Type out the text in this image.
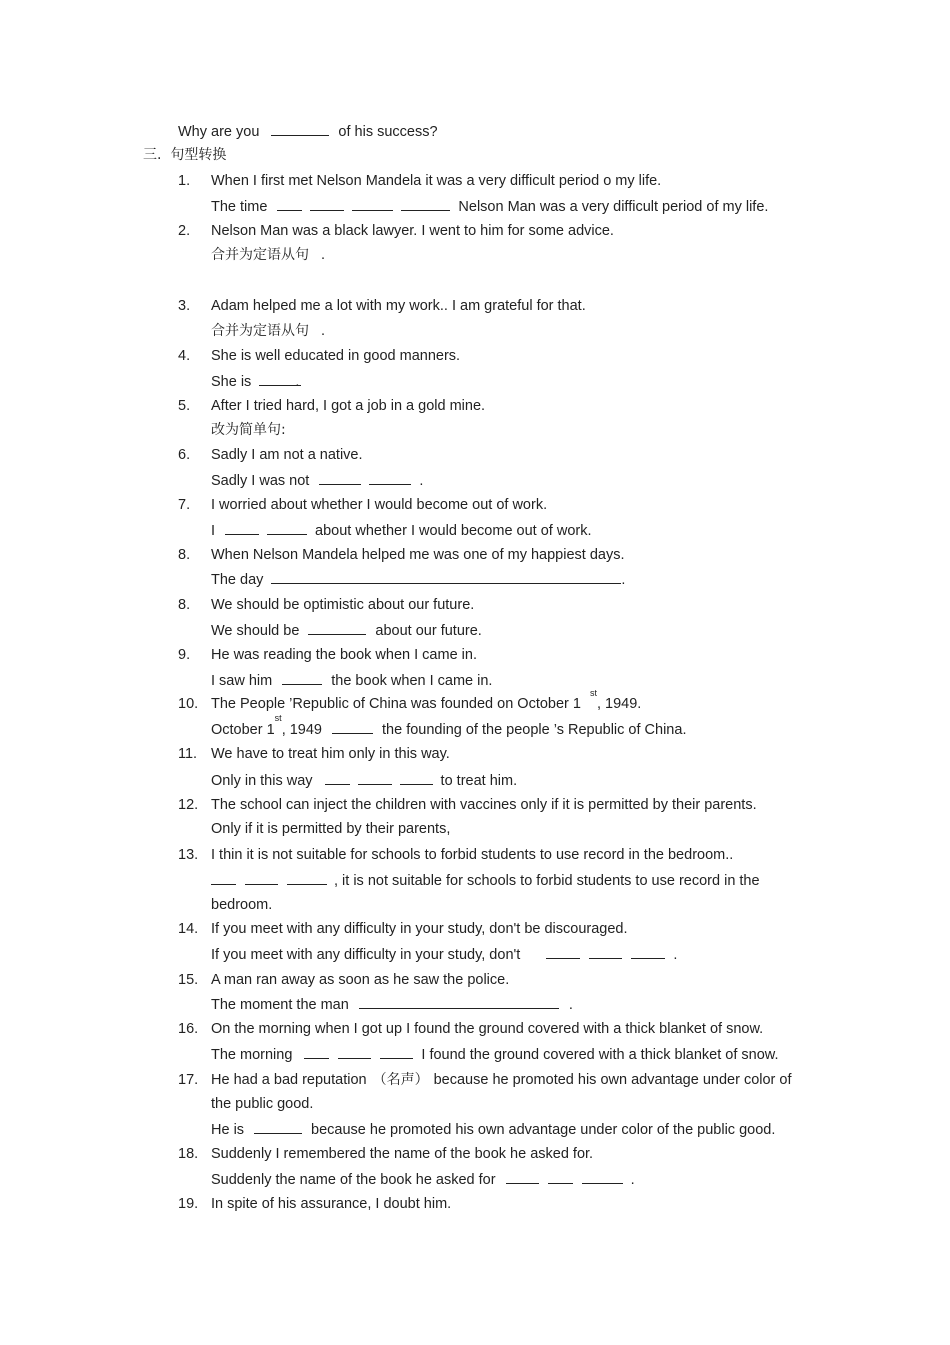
Why are you	of his success?
三. 句型转换
1. When I first met Nelson Mandela it was a very difficult period o my life.
The time	Nelson Man was a very difficult period of my life.
2. Nelson Man was a black lawyer. I went to him for some advice.
合并为定语从句 .
3. Adam helped me a lot with my work.. I am grateful for that.
合并为定语从句 .
4. She is well educated in good manners.
She is	.
5. After I tried hard, I got a job in a gold mine.
改为简单句:
6. Sadly I am not a native.
Sadly I was not	.
7. I worried about whether I would become out of work.
I	about whether I would become out of work.
8. When Nelson Mandela helped me was one of my happiest days.
The day	.
8. We should be optimistic about our future.
We should be	about our future.
9. He was reading the book when I came in.
I saw him	the book when I came in.
10. The People ’Republic of China was founded on October 1st, 1949.
October 1st, 1949	the founding of the people ’s Republic of China.
11. We have to treat him only in this way.
Only in this way	to treat him.
12. The school can inject the children with vaccines only if it is permitted by their parents.
Only if it is permitted by their parents,
13. I thin it is not suitable for schools to forbid students to use record in the bedroom..
, it is not suitable for schools to forbid students to use record in the
bedroom.
14. If you meet with any difficulty in your study, don't be discouraged.
If you meet with any difficulty in your study, don't	.
15. A man ran away as soon as he saw the police.
The moment the man	.
16. On the morning when I got up I found the ground covered with a thick blanket of snow.
The morning	I found the ground covered with a thick blanket of snow.
17. He had a bad reputation （名声） because he promoted his own advantage under color of
the public good.
He is	because he promoted his own advantage under color of the public good.
18. Suddenly I remembered the name of the book he asked for.
Suddenly the name of the book he asked for	.
19. In spite of his assurance, I doubt him.
